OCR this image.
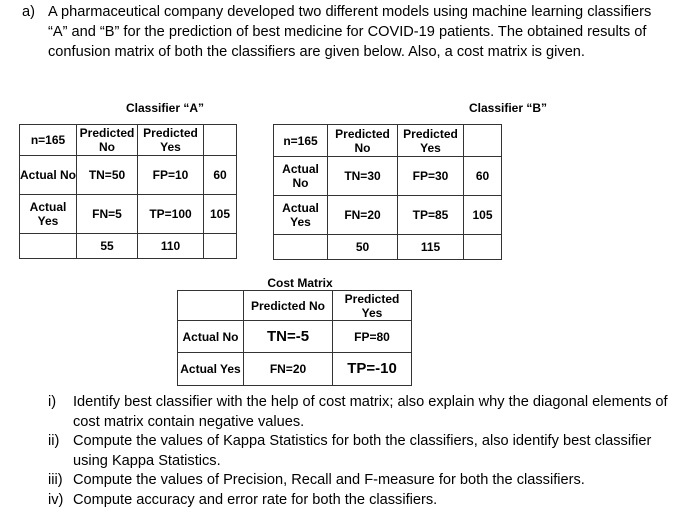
a) A pharmaceutical company developed two different models using machine learning classifiers “A” and “B” for the prediction of best medicine for COVID-19 patients. The obtained results of confusion matrix of both the classifiers are given below. Also, a cost matrix is given.
Classifier “A”	Classifier “B”
Cost Matrix
n=165	Predicted No	Predicted Yes	
Actual No	TN=50	FP=10	60
Actual Yes	FN=5	TP=100	105
	55	110	
n=165	Predicted No	Predicted Yes	
Actual No	TN=30	FP=30	60
Actual Yes	FN=20	TP=85	105
	50	115	
	Predicted No	Predicted Yes
Actual No	TN=-5	FP=80
Actual Yes	FN=20	TP=-10
i) Identify best classifier with the help of cost matrix; also explain why the diagonal elements of cost matrix contain negative values.
ii) Compute the values of Kappa Statistics for both the classifiers, also identify best classifier using Kappa Statistics.
iii) Compute the values of Precision, Recall and F-measure for both the classifiers.
iv) Compute accuracy and error rate for both the classifiers.
